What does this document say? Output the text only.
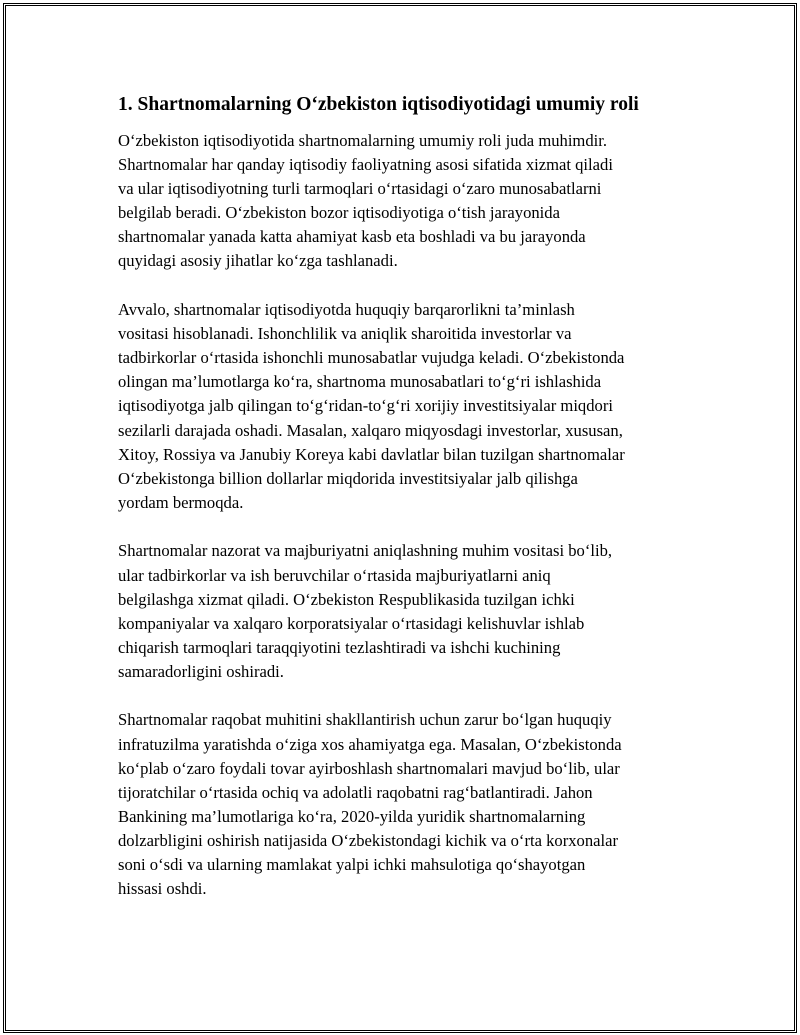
1. Shartnomalarning O‘zbekiston iqtisodiyotidagi umumiy roli
O‘zbekiston iqtisodiyotida shartnomalarning umumiy roli juda muhimdir.
Shartnomalar har qanday iqtisodiy faoliyatning asosi sifatida xizmat qiladi
va ular iqtisodiyotning turli tarmoqlari o‘rtasidagi o‘zaro munosabatlarni
belgilab beradi. O‘zbekiston bozor iqtisodiyotiga o‘tish jarayonida
shartnomalar yanada katta ahamiyat kasb eta boshladi va bu jarayonda
quyidagi asosiy jihatlar ko‘zga tashlanadi.
Avvalo, shartnomalar iqtisodiyotda huquqiy barqarorlikni ta’minlash
vositasi hisoblanadi. Ishonchlilik va aniqlik sharoitida investorlar va
tadbirkorlar o‘rtasida ishonchli munosabatlar vujudga keladi. O‘zbekistonda
olingan ma’lumotlarga ko‘ra, shartnoma munosabatlari to‘g‘ri ishlashida
iqtisodiyotga jalb qilingan to‘g‘ridan-to‘g‘ri xorijiy investitsiyalar miqdori
sezilarli darajada oshadi. Masalan, xalqaro miqyosdagi investorlar, xususan,
Xitoy, Rossiya va Janubiy Koreya kabi davlatlar bilan tuzilgan shartnomalar
O‘zbekistonga billion dollarlar miqdorida investitsiyalar jalb qilishga
yordam bermoqda.
Shartnomalar nazorat va majburiyatni aniqlashning muhim vositasi bo‘lib,
ular tadbirkorlar va ish beruvchilar o‘rtasida majburiyatlarni aniq
belgilashga xizmat qiladi. O‘zbekiston Respublikasida tuzilgan ichki
kompaniyalar va xalqaro korporatsiyalar o‘rtasidagi kelishuvlar ishlab
chiqarish tarmoqlari taraqqiyotini tezlashtiradi va ishchi kuchining
samaradorligini oshiradi.
Shartnomalar raqobat muhitini shakllantirish uchun zarur bo‘lgan huquqiy
infratuzilma yaratishda o‘ziga xos ahamiyatga ega. Masalan, O‘zbekistonda
ko‘plab o‘zaro foydali tovar ayirboshlash shartnomalari mavjud bo‘lib, ular
tijoratchilar o‘rtasida ochiq va adolatli raqobatni rag‘batlantiradi. Jahon
Bankining ma’lumotlariga ko‘ra, 2020-yilda yuridik shartnomalarning
dolzarbligini oshirish natijasida O‘zbekistondagi kichik va o‘rta korxonalar
soni o‘sdi va ularning mamlakat yalpi ichki mahsulotiga qo‘shayotgan
hissasi oshdi.
